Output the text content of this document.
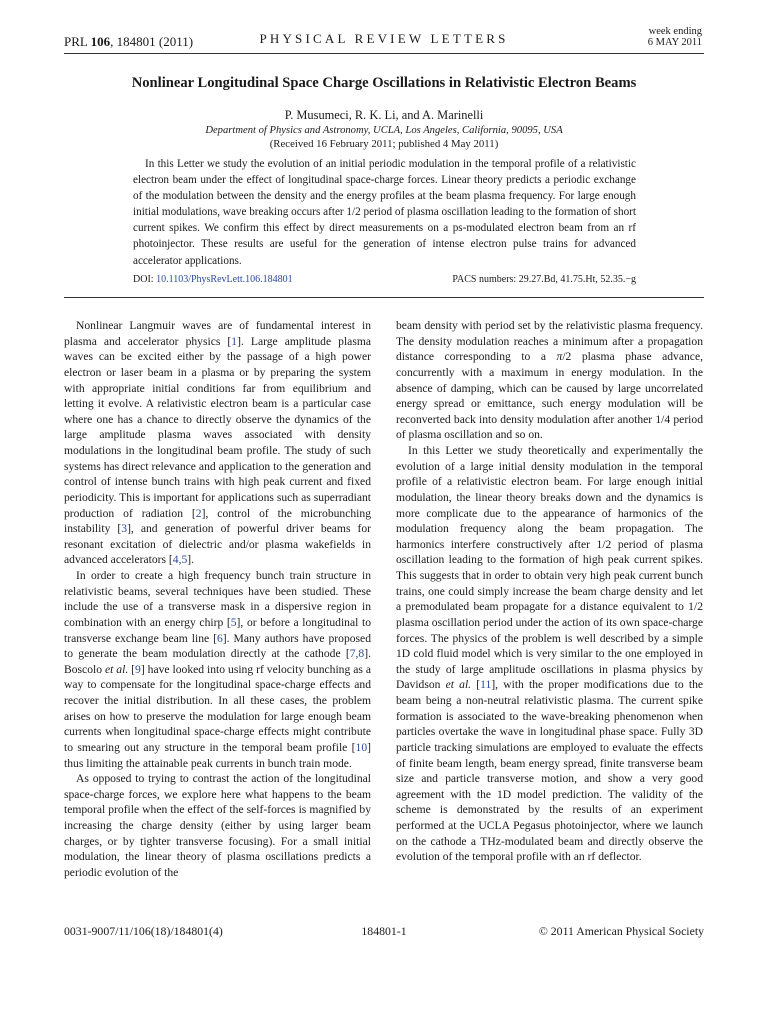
PRL 106, 184801 (2011)	PHYSICAL REVIEW LETTERS	week ending
6 MAY 2011
Nonlinear Longitudinal Space Charge Oscillations in Relativistic Electron Beams
P. Musumeci, R. K. Li, and A. Marinelli
Department of Physics and Astronomy, UCLA, Los Angeles, California, 90095, USA
(Received 16 February 2011; published 4 May 2011)

In this Letter we study the evolution of an initial periodic modulation in the temporal profile of a relativistic electron beam under the effect of longitudinal space-charge forces. Linear theory predicts a periodic exchange of the modulation between the density and the energy profiles at the beam plasma frequency. For large enough initial modulations, wave breaking occurs after 1/2 period of plasma oscillation leading to the formation of short current spikes. We confirm this effect by direct measurements on a ps-modulated electron beam from an rf photoinjector. These results are useful for the generation of intense electron pulse trains for advanced accelerator applications.

DOI: 10.1103/PhysRevLett.106.184801	PACS numbers: 29.27.Bd, 41.75.Ht, 52.35.−g

Nonlinear Langmuir waves are of fundamental interest in plasma and accelerator physics [1]. Large amplitude plasma waves can be excited either by the passage of a high power electron or laser beam in a plasma or by preparing the system with appropriate initial conditions far from equilibrium and letting it evolve. A relativistic electron beam is a particular case where one has a chance to directly observe the dynamics of the large amplitude plasma waves associated with density modulations in the longitudinal beam profile. The study of such systems has direct relevance and application to the generation and control of intense bunch trains with high peak current and fixed periodicity. This is important for applications such as superradiant production of radiation [2], control of the microbunching instability [3], and generation of powerful driver beams for resonant excitation of dielectric and/or plasma wakefields in advanced accelerators [4,5].

In order to create a high frequency bunch train structure in relativistic beams, several techniques have been studied. These include the use of a transverse mask in a dispersive region in combination with an energy chirp [5], or before a longitudinal to transverse exchange beam line [6]. Many authors have proposed to generate the beam modulation directly at the cathode [7,8]. Boscolo et al. [9] have looked into using rf velocity bunching as a way to compensate for the longitudinal space-charge effects and recover the initial distribution. In all these cases, the problem arises on how to preserve the modulation for large enough beam currents when longitudinal space-charge effects might contribute to smearing out any structure in the temporal beam profile [10] thus limiting the attainable peak currents in bunch train mode.

As opposed to trying to contrast the action of the longitudinal space-charge forces, we explore here what happens to the beam temporal profile when the effect of the self-forces is magnified by increasing the charge density (either by using larger beam charges, or by tighter transverse focusing). For a small initial modulation, the linear theory of plasma oscillations predicts a periodic evolution of the

beam density with period set by the relativistic plasma frequency. The density modulation reaches a minimum after a propagation distance corresponding to a π/2 plasma phase advance, concurrently with a maximum in energy modulation. In the absence of damping, which can be caused by large uncorrelated energy spread or emittance, such energy modulation will be reconverted back into density modulation after another 1/4 period of plasma oscillation and so on.

In this Letter we study theoretically and experimentally the evolution of a large initial density modulation in the temporal profile of a relativistic electron beam. For large enough initial modulation, the linear theory breaks down and the dynamics is more complicate due to the appearance of harmonics of the modulation frequency along the beam propagation. The harmonics interfere constructively after 1/2 period of plasma oscillation leading to the formation of high peak current spikes. This suggests that in order to obtain very high peak current bunch trains, one could simply increase the beam charge density and let a premodulated beam propagate for a distance equivalent to 1/2 plasma oscillation period under the action of its own space-charge forces. The physics of the problem is well described by a simple 1D cold fluid model which is very similar to the one employed in the study of large amplitude oscillations in plasma physics by Davidson et al. [11], with the proper modifications due to the beam being a non-neutral relativistic plasma. The current spike formation is associated to the wave-breaking phenomenon when particles overtake the wave in longitudinal phase space. Fully 3D particle tracking simulations are employed to evaluate the effects of finite beam length, beam energy spread, finite transverse beam size and particle transverse motion, and show a very good agreement with the 1D model prediction. The validity of the scheme is demonstrated by the results of an experiment performed at the UCLA Pegasus photoinjector, where we launch on the cathode a THz-modulated beam and directly observe the evolution of the temporal profile with an rf deflector.

0031-9007/11/106(18)/184801(4)	184801-1	© 2011 American Physical Society
